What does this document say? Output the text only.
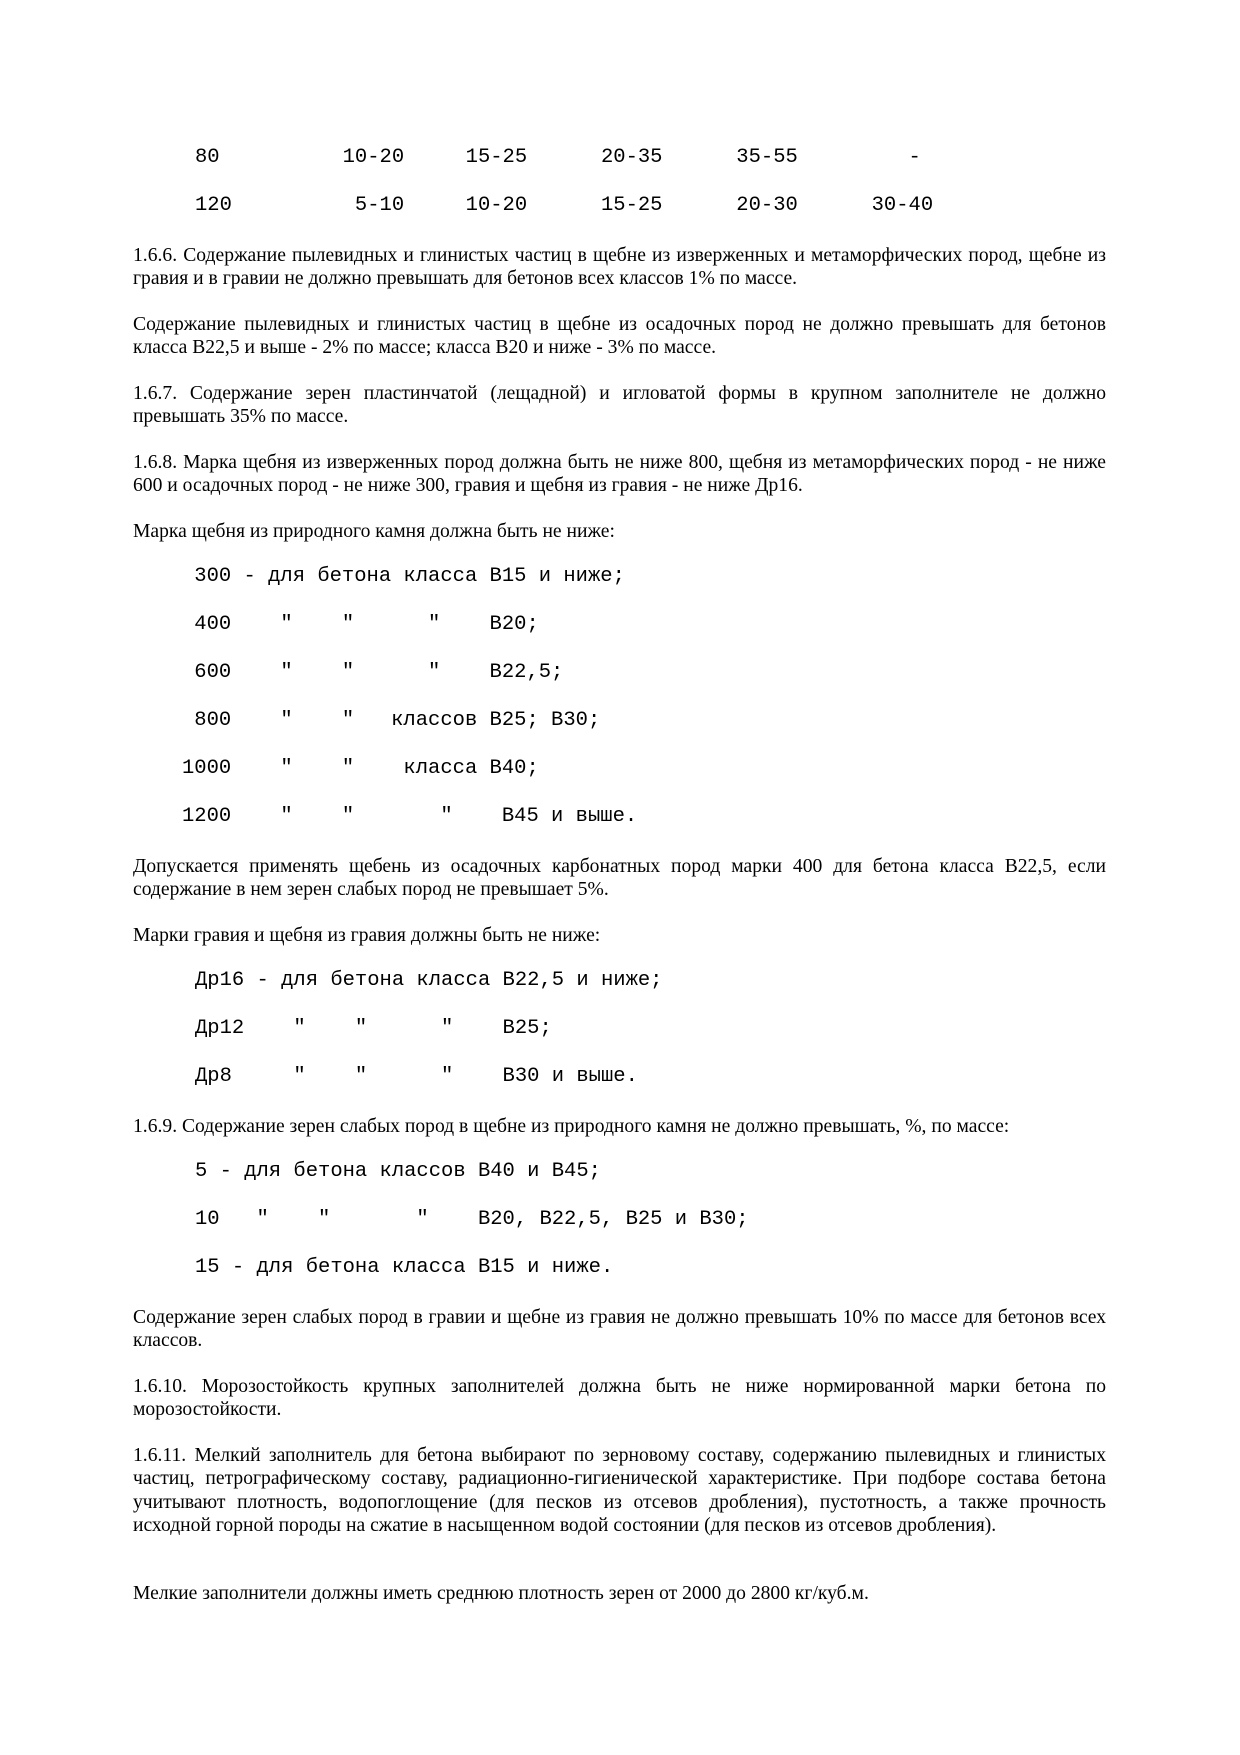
80          10-20     15-25      20-35      35-55         -
120          5-10     10-20      15-25      20-30      30-40

1.6.6. Содержание пылевидных и глинистых частиц в щебне из изверженных и метаморфических пород, щебне из гравия и в гравии не должно превышать для бетонов всех классов 1% по массе.

Содержание пылевидных и глинистых частиц в щебне из осадочных пород не должно превышать для бетонов класса В22,5 и выше - 2% по массе; класса В20 и ниже - 3% по массе.

1.6.7. Содержание зерен пластинчатой (лещадной) и игловатой формы в крупном заполнителе не должно превышать 35% по массе.

1.6.8. Марка щебня из изверженных пород должна быть не ниже 800, щебня из метаморфических пород - не ниже 600 и осадочных пород - не ниже 300, гравия и щебня из гравия - не ниже Др16.

Марка щебня из природного камня должна быть не ниже:

300 - для бетона класса В15 и ниже;
400    "    "      "    В20;
600    "    "      "    В22,5;
800    "    "   классов В25; В30;
1000    "    "    класса В40;
1200    "    "       "    В45 и выше.

Допускается применять щебень из осадочных карбонатных пород марки 400 для бетона класса В22,5, если содержание в нем зерен слабых пород не превышает 5%.

Марки гравия и щебня из гравия должны быть не ниже:

Др16 - для бетона класса В22,5 и ниже;
Др12    "    "      "    В25;
Др8     "    "      "    В30 и выше.

1.6.9. Содержание зерен слабых пород в щебне из природного камня не должно превышать, %, по массе:

5 - для бетона классов В40 и В45;
10   "    "       "    В20, В22,5, В25 и В30;
15 - для бетона класса В15 и ниже.

Содержание зерен слабых пород в гравии и щебне из гравия не должно превышать 10% по массе для бетонов всех классов.

1.6.10. Морозостойкость крупных заполнителей должна быть не ниже нормированной марки бетона по морозостойкости.

1.6.11. Мелкий заполнитель для бетона выбирают по зерновому составу, содержанию пылевидных и глинистых частиц, петрографическому составу, радиационно-гигиенической характеристике. При подборе состава бетона учитывают плотность, водопоглощение (для песков из отсевов дробления), пустотность, а также прочность исходной горной породы на сжатие в насыщенном водой состоянии (для песков из отсевов дробления).

Мелкие заполнители должны иметь среднюю плотность зерен от 2000 до 2800 кг/куб.м.
